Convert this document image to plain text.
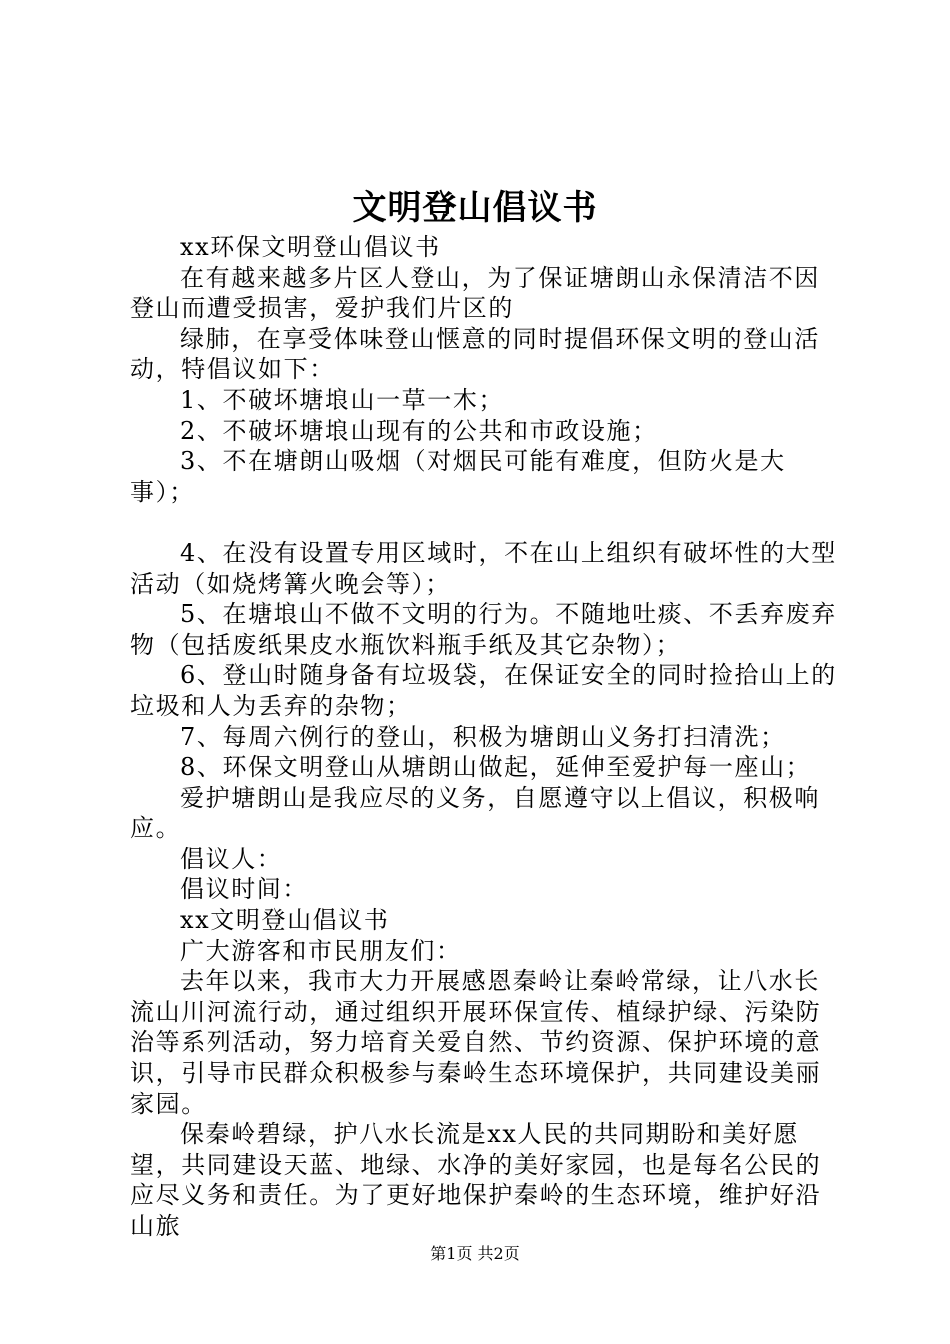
文明登山倡议书

xx环保文明登山倡议书

在有越来越多片区人登山，为了保证塘朗山永保清洁不因登山而遭受损害，爱护我们片区的

绿肺，在享受体味登山惬意的同时提倡环保文明的登山活动，特倡议如下：

1、不破坏塘埌山一草一木；

2、不破坏塘埌山现有的公共和市政设施；

3、不在塘朗山吸烟（对烟民可能有难度，但防火是大事）；

4、在没有设置专用区域时，不在山上组织有破坏性的大型活动（如烧烤篝火晚会等）；

5、在塘埌山不做不文明的行为。不随地吐痰、不丢弃废弃物（包括废纸果皮水瓶饮料瓶手纸及其它杂物）；

6、登山时随身备有垃圾袋，在保证安全的同时捡拾山上的垃圾和人为丢弃的杂物；

7、每周六例行的登山，积极为塘朗山义务打扫清洗；

8、环保文明登山从塘朗山做起，延伸至爱护每一座山；

爱护塘朗山是我应尽的义务，自愿遵守以上倡议，积极响应。

倡议人：

倡议时间：

xx文明登山倡议书

广大游客和市民朋友们：

去年以来，我市大力开展感恩秦岭让秦岭常绿，让八水长流山川河流行动，通过组织开展环保宣传、植绿护绿、污染防治等系列活动，努力培育关爱自然、节约资源、保护环境的意识，引导市民群众积极参与秦岭生态环境保护，共同建设美丽家园。

保秦岭碧绿，护八水长流是xx人民的共同期盼和美好愿望，共同建设天蓝、地绿、水净的美好家园，也是每名公民的应尽义务和责任。为了更好地保护秦岭的生态环境，维护好沿山旅

第1页 共2页
